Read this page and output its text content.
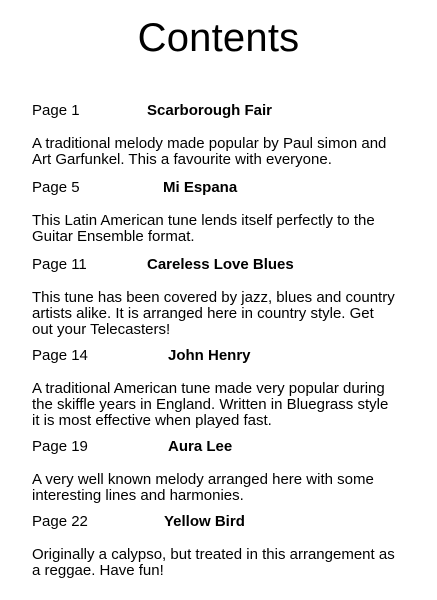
Contents
Page 1	Scarborough Fair
A traditional melody made popular by Paul simon and
Art Garfunkel. This a favourite with everyone.
Page 5	Mi Espana
This Latin American tune lends itself perfectly to the
Guitar Ensemble format.
Page 11	Careless Love Blues
This tune has been covered by jazz, blues and country
artists alike. It is arranged here in country style. Get
out your Telecasters!
Page 14	John Henry
A traditional American tune made very popular during
the skiffle years in England. Written in Bluegrass style
it is most effective when played fast.
Page 19	Aura Lee
A very well known melody arranged here with some
interesting lines and harmonies.
Page 22	Yellow Bird
Originally a calypso, but treated in this arrangement as
a reggae. Have fun!
